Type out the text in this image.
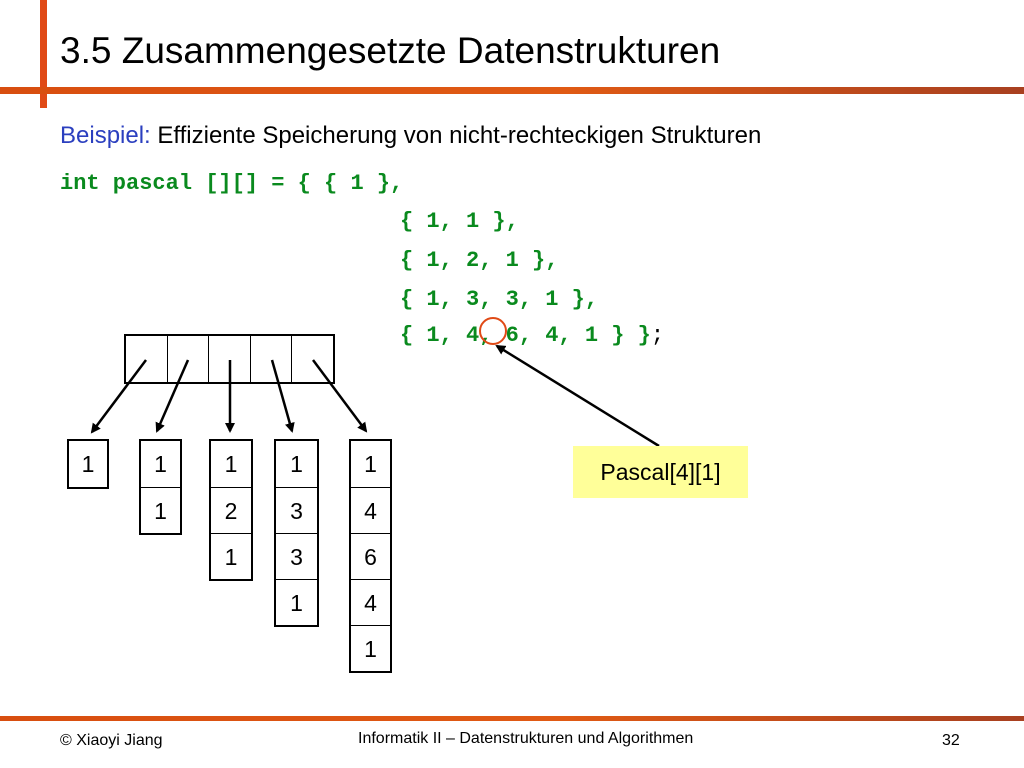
3.5 Zusammengesetzte Datenstrukturen
Beispiel: Effiziente Speicherung von nicht-rechteckigen Strukturen
int pascal [][] = { { 1 },
{ 1, 1 },
{ 1, 2, 1 },
{ 1, 3, 3, 1 },
{ 1, 4, 6, 4, 1 } };
1	1
1
1
2
1
1
3
3
1
1
4
6
4
1
Pascal[4][1]
© Xiaoyi Jiang	Informatik II – Datenstrukturen und Algorithmen	32
